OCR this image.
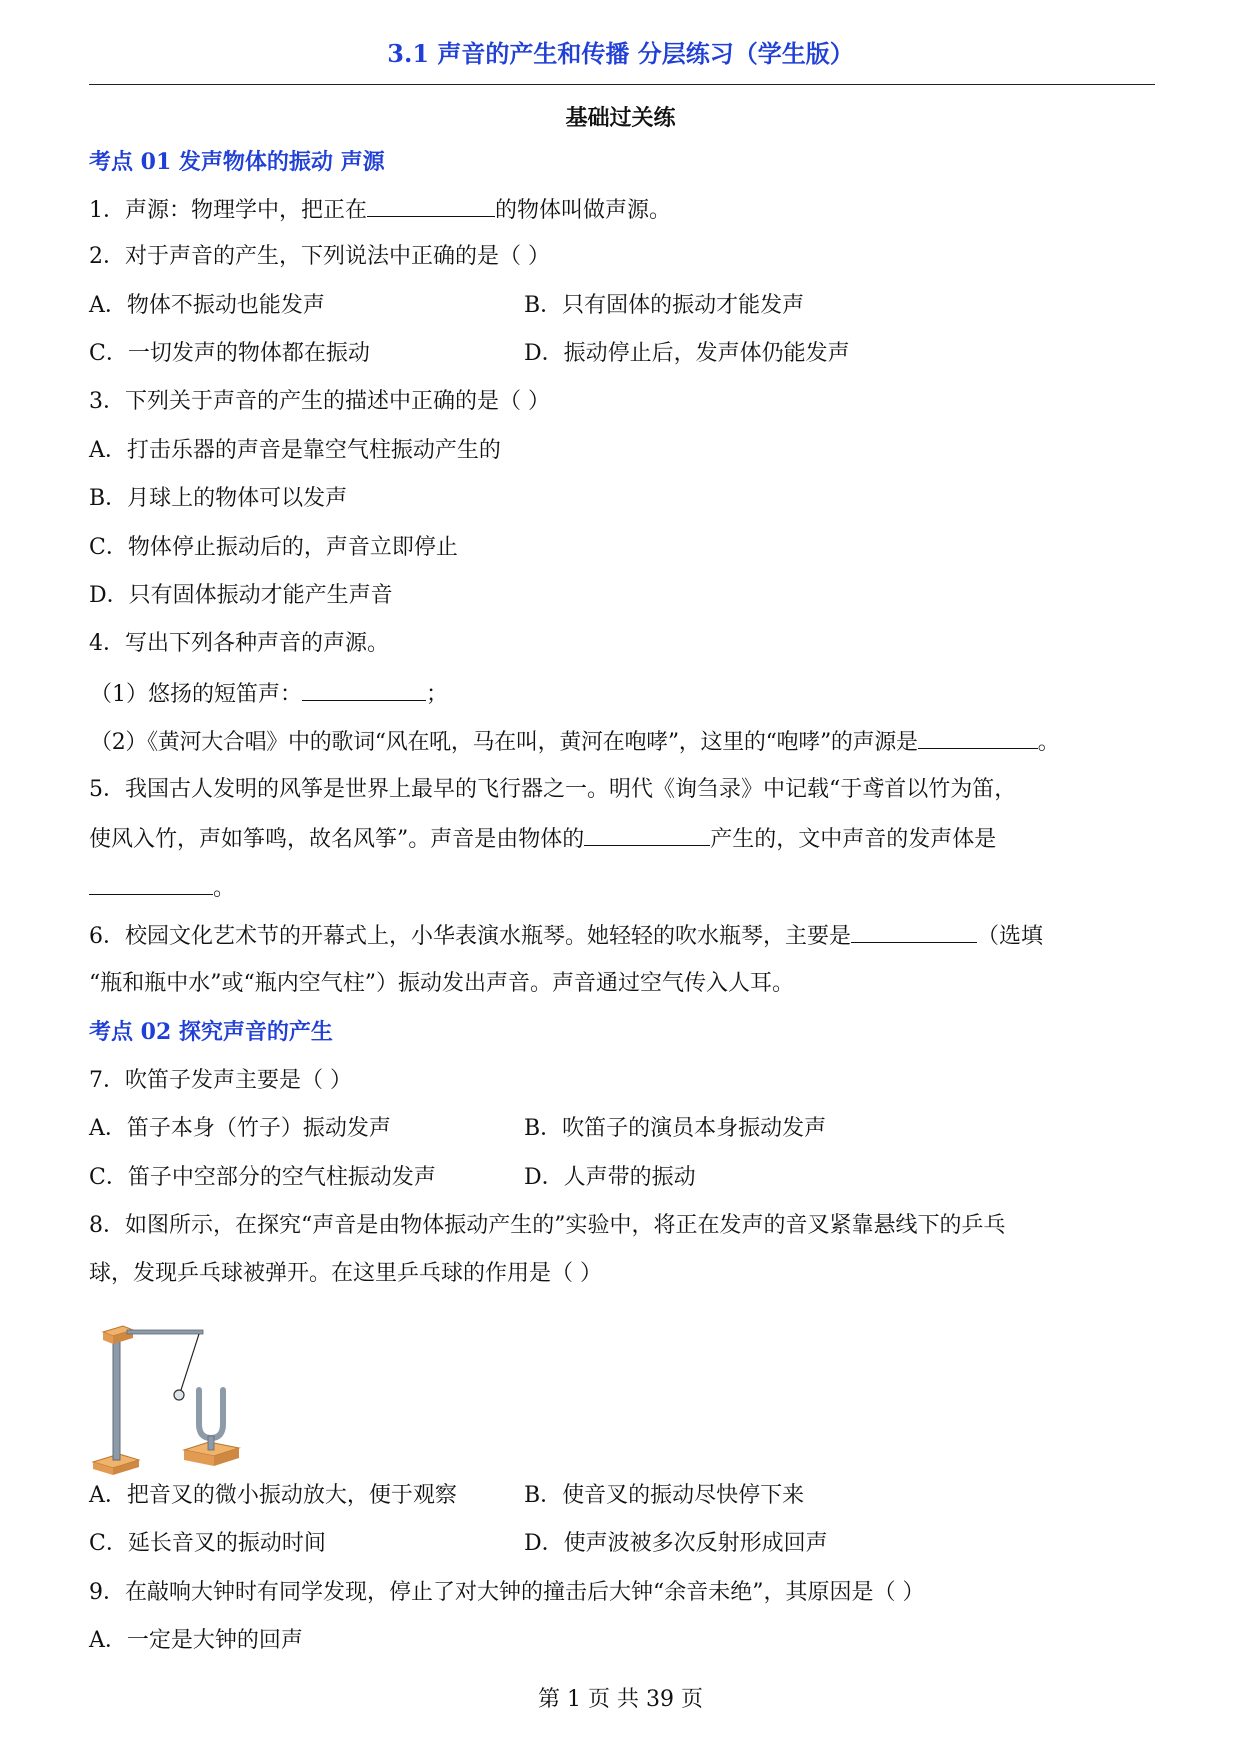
3.1 声音的产生和传播 分层练习（学生版）
基础过关练
考点 01 发声物体的振动 声源
1．声源：物理学中，把正在	的物体叫做声源。
2．对于声音的产生，下列说法中正确的是（ ）
A．物体不振动也能发声	B．只有固体的振动才能发声
C．一切发声的物体都在振动	D．振动停止后，发声体仍能发声
3．下列关于声音的产生的描述中正确的是（ ）
A．打击乐器的声音是靠空气柱振动产生的
B．月球上的物体可以发声
C．物体停止振动后的，声音立即停止
D．只有固体振动才能产生声音
4．写出下列各种声音的声源。
（1）悠扬的短笛声：	；
（2）《黄河大合唱》中的歌词“风在吼，马在叫，黄河在咆哮”，这里的“咆哮”的声源是	。
5．我国古人发明的风筝是世界上最早的飞行器之一。明代《询刍录》中记载“于鸢首以竹为笛，
使风入竹，声如筝鸣，故名风筝”。声音是由物体的	产生的，文中声音的发声体是
。
6．校园文化艺术节的开幕式上，小华表演水瓶琴。她轻轻的吹水瓶琴，主要是	（选填
“瓶和瓶中水”或“瓶内空气柱”）振动发出声音。声音通过空气传入人耳。
考点 02 探究声音的产生
7．吹笛子发声主要是（ ）
A．笛子本身（竹子）振动发声	B．吹笛子的演员本身振动发声
C．笛子中空部分的空气柱振动发声	D．人声带的振动
8．如图所示，在探究“声音是由物体振动产生的”实验中，将正在发声的音叉紧靠悬线下的乒乓
球，发现乒乓球被弹开。在这里乒乓球的作用是（ ）
A．把音叉的微小振动放大，便于观察	B．使音叉的振动尽快停下来
C．延长音叉的振动时间	D．使声波被多次反射形成回声
9．在敲响大钟时有同学发现，停止了对大钟的撞击后大钟“余音未绝”，其原因是（ ）
A．一定是大钟的回声
第 1 页 共 39 页
